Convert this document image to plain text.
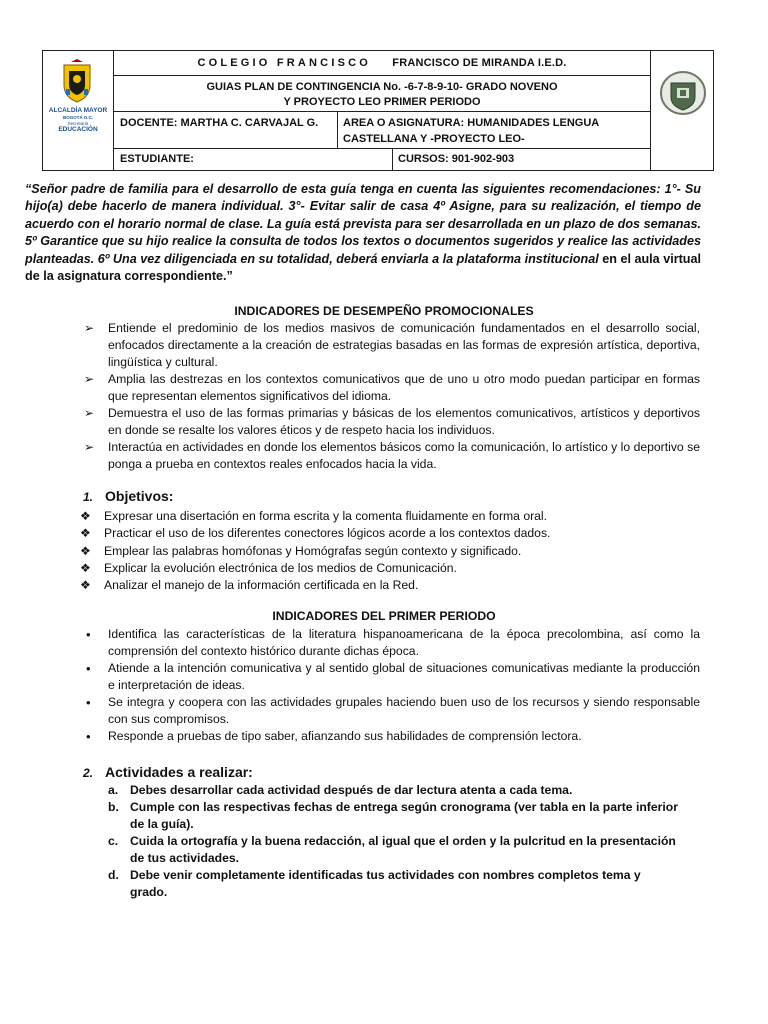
ALCALDÍA MAYOR
BOGOTÁ D.C.
Secretaría
EDUCACIÓN
COLEGIO FRANCISCO FRANCISCO DE MIRANDA I.E.D.
GUIAS PLAN DE CONTINGENCIA No. -6-7-8-9-10- GRADO NOVENO
Y PROYECTO LEO PRIMER PERIODO
DOCENTE: MARTHA C. CARVAJAL G.	AREA O ASIGNATURA: HUMANIDADES LENGUA CASTELLANA Y -PROYECTO LEO-
ESTUDIANTE:	CURSOS: 901-902-903
“Señor padre de familia para el desarrollo de esta guía tenga en cuenta las siguientes recomendaciones: 1°- Su hijo(a) debe hacerlo de manera individual. 3°- Evitar salir de casa 4º Asigne, para su realización, el tiempo de acuerdo con el horario normal de clase. La guía está prevista para ser desarrollada en un plazo de dos semanas. 5º Garantice que su hijo realice la consulta de todos los textos o documentos sugeridos y realice las actividades planteadas. 6º Una vez diligenciada en su totalidad, deberá enviarla a la plataforma institucional en el aula virtual de la asignatura correspondiente.”
INDICADORES DE DESEMPEÑO PROMOCIONALES
➢ Entiende el predominio de los medios masivos de comunicación fundamentados en el desarrollo social, enfocados directamente a la creación de estrategias basadas en las formas de expresión artística, deportiva, lingüística y cultural.
➢ Amplia las destrezas en los contextos comunicativos que de uno u otro modo puedan participar en formas que representan elementos significativos del idioma.
➢ Demuestra el uso de las formas primarias y básicas de los elementos comunicativos, artísticos y deportivos en donde se resalte los valores éticos y de respeto hacia los individuos.
➢ Interactúa en actividades en donde los elementos básicos como la comunicación, lo artístico y lo deportivo se ponga a prueba en contextos reales enfocados hacia la vida.
1. Objetivos:
❖ Expresar una disertación en forma escrita y la comenta fluidamente en forma oral.
❖ Practicar el uso de los diferentes conectores lógicos acorde a los contextos dados.
❖ Emplear las palabras homófonas y Homógrafas según contexto y significado.
❖ Explicar la evolución electrónica de los medios de Comunicación.
❖ Analizar el manejo de la información certificada en la Red.
INDICADORES DEL PRIMER PERIODO
• Identifica las características de la literatura hispanoamericana de la época precolombina, así como la comprensión del contexto histórico durante dichas época.
• Atiende a la intención comunicativa y al sentido global de situaciones comunicativas mediante la producción e interpretación de ideas.
• Se integra y coopera con las actividades grupales haciendo buen uso de los recursos y siendo responsable con sus compromisos.
• Responde a pruebas de tipo saber, afianzando sus habilidades de comprensión lectora.
2. Actividades a realizar:
a. Debes desarrollar cada actividad después de dar lectura atenta a cada tema.
b. Cumple con las respectivas fechas de entrega según cronograma (ver tabla en la parte inferior de la guía).
c. Cuida la ortografía y la buena redacción, al igual que el orden y la pulcritud en la presentación de tus actividades.
d. Debe venir completamente identificadas tus actividades con nombres completos tema y grado.
